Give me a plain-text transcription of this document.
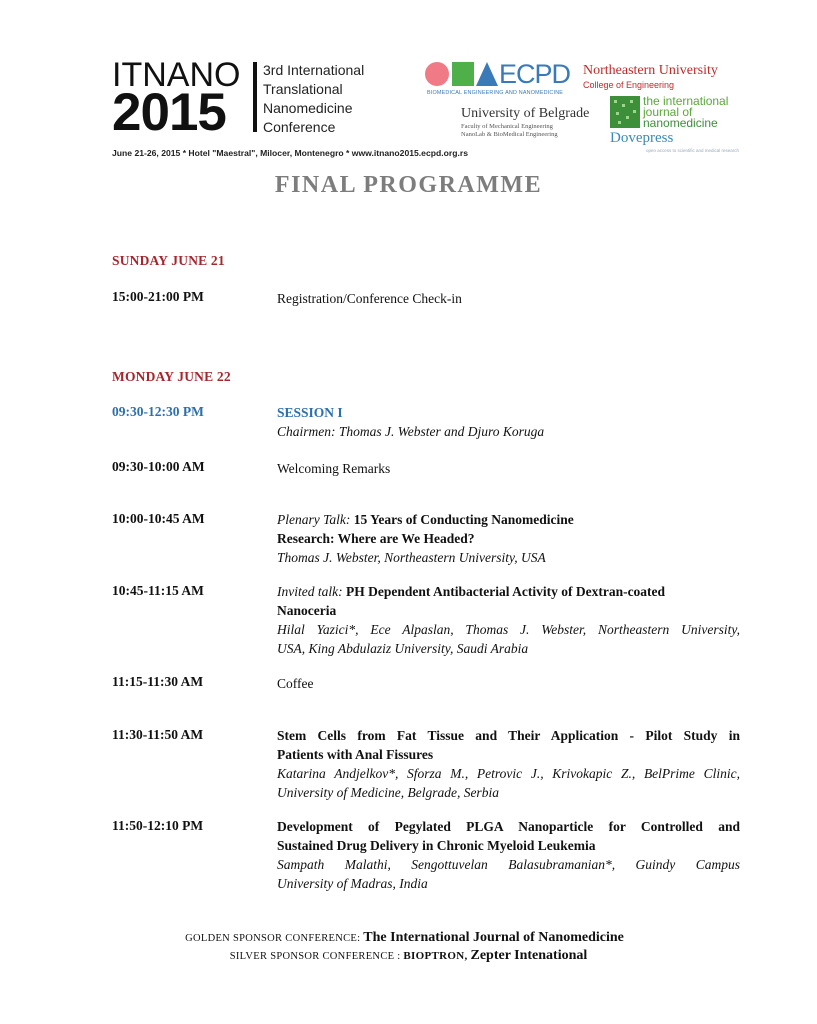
ITNANO
2015
3rd International
Translational
Nanomedicine
Conference
June 21-26, 2015 * Hotel "Maestral", Milocer, Montenegro * www.itnano2015.ecpd.org.rs
ECPD
BIOMEDICAL ENGINEERING AND NANOMEDICINE
Northeastern University
College of Engineering
University of Belgrade
Faculty of Mechanical Engineering
NanoLab & BioMedical Engineering
the international
journal of
nanomedicine
Dovepress
open access to scientific and medical research
FINAL PROGRAMME
SUNDAY JUNE 21
15:00-21:00 PM	Registration/Conference Check-in
MONDAY JUNE 22
09:30-12:30 PM	SESSION I
Chairmen: Thomas J. Webster and Djuro Koruga
09:30-10:00 AM	Welcoming Remarks
10:00-10:45 AM	Plenary Talk: 15 Years of Conducting Nanomedicine
Research: Where are We Headed?
Thomas J. Webster, Northeastern University, USA
10:45-11:15 AM	Invited talk: PH Dependent Antibacterial Activity of Dextran-coated
Nanoceria
Hilal Yazici*, Ece Alpaslan, Thomas J. Webster, Northeastern University,
USA, King Abdulaziz University, Saudi Arabia
11:15-11:30 AM	Coffee
11:30-11:50 AM	Stem Cells from Fat Tissue and Their Application - Pilot Study in
Patients with Anal Fissures
Katarina Andjelkov*, Sforza M., Petrovic J., Krivokapic Z., BelPrime Clinic,
University of Medicine, Belgrade, Serbia
11:50-12:10 PM	Development of Pegylated PLGA Nanoparticle for Controlled and
Sustained Drug Delivery in Chronic Myeloid Leukemia
Sampath Malathi, Sengottuvelan Balasubramanian*, Guindy Campus
University of Madras, India
GOLDEN SPONSOR CONFERENCE: The International Journal of Nanomedicine
SILVER SPONSOR CONFERENCE : BIOPTRON, Zepter Intenational
